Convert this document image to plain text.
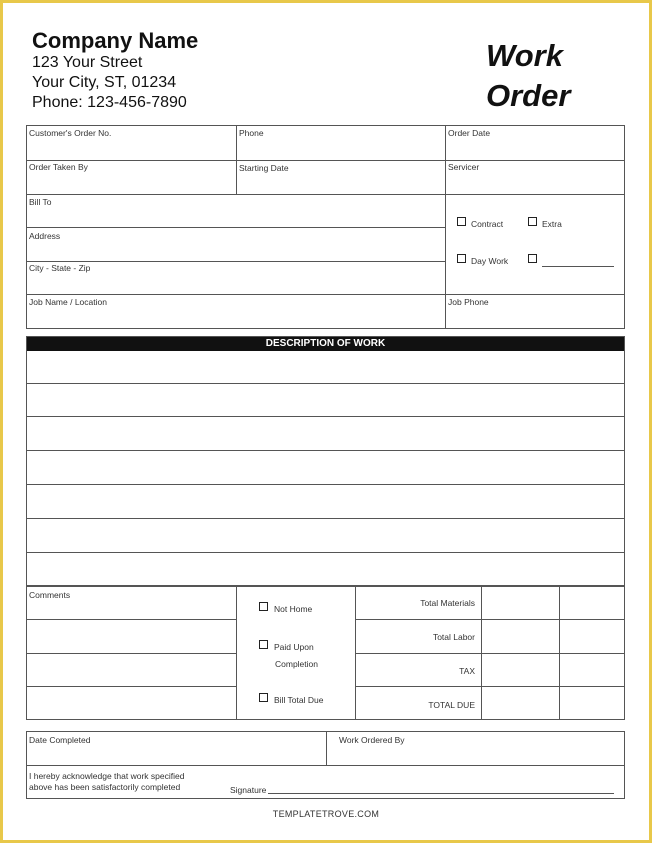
Company Name
123 Your Street
Your City, ST, 01234
Phone: 123-456-7890
Work
Order
Customer's Order No.	Phone	Order Date
Order Taken By	Starting Date	Servicer
Bill To
Address
City - State - Zip
Job Name / Location	Job Phone
Contract	Extra
Day Work
DESCRIPTION OF WORK
Comments
Not Home
Paid Upon
Completion
Bill Total Due
Total Materials
Total Labor
TAX
TOTAL DUE
Date Completed	Work Ordered By
I hereby acknowledge that work specified
above has been satisfactorily completed	Signature
TEMPLATETROVE.COM
